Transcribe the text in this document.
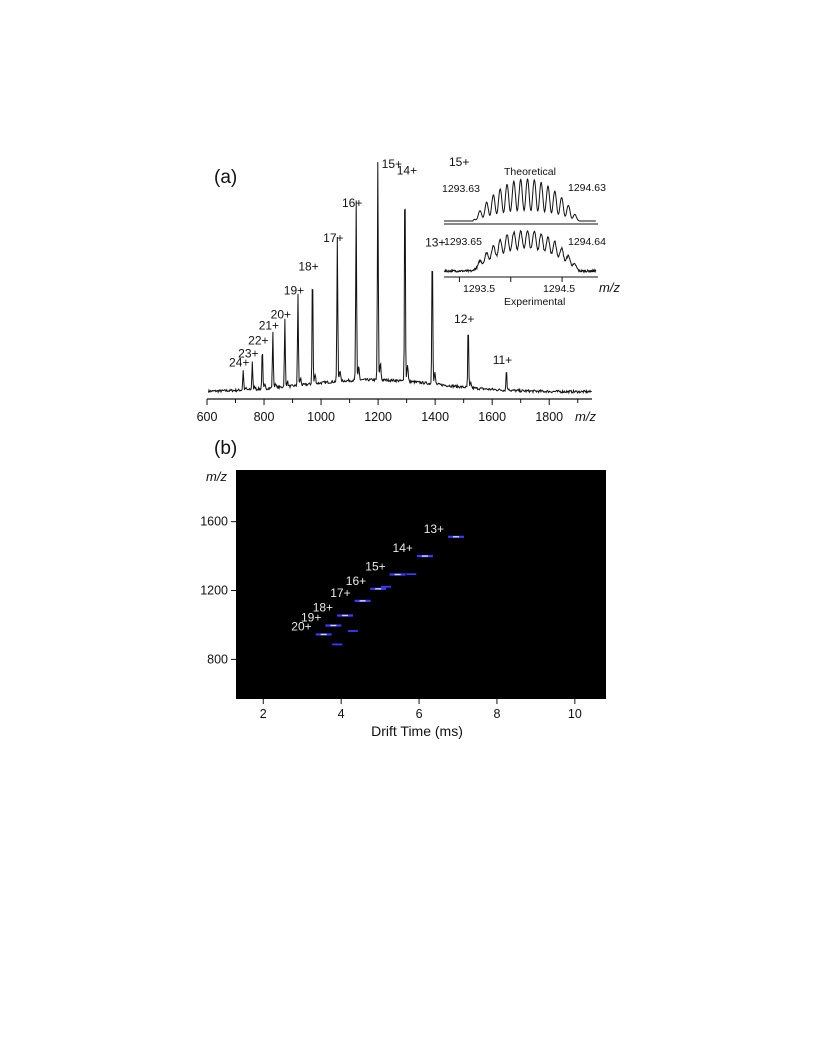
(a)
600	800	1000 1200 1400 1600 1800
24+
23+
22+
21+
20+
19+
18+
17+
16+
15+
14+
13+
12+
11+
m/z
15+
Theoretical
1293.63	1294.63
1293.65	1294.64
1293.5	1294.5 m/z
Experimental
(b)
m/z
13+
14+
15+
16+
17+
18+
19+
20+
800
1200
1600
2	4	6	8	10
Drift Time (ms)
